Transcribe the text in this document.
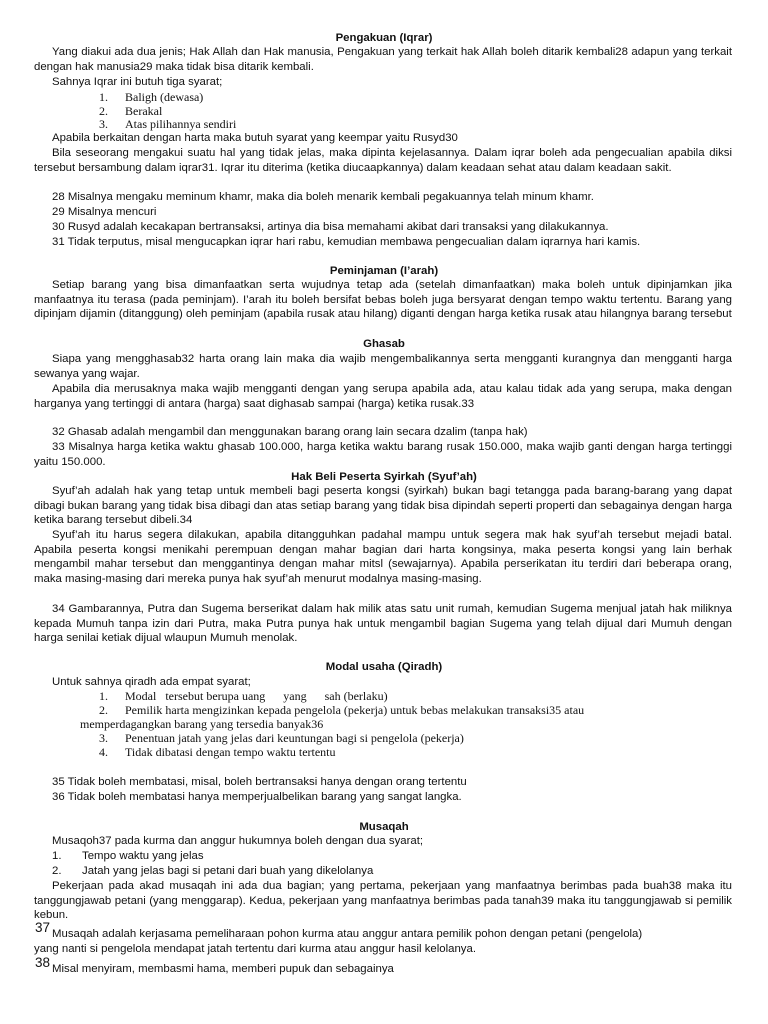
Pengakuan (Iqrar)
Yang diakui ada dua jenis; Hak Allah dan Hak manusia, Pengakuan yang terkait hak Allah boleh ditarik kembali28 adapun yang terkait dengan hak manusia29 maka tidak bisa ditarik kembali.
Sahnya Iqrar ini butuh tiga syarat;
1. Baligh (dewasa)
2. Berakal
3. Atas pilihannya sendiri
Apabila berkaitan dengan harta maka butuh syarat yang keempar yaitu Rusyd30
Bila seseorang mengakui suatu hal yang tidak jelas, maka dipinta kejelasannya. Dalam iqrar boleh ada pengecualian apabila diksi tersebut bersambung dalam iqrar31. Iqrar itu diterima (ketika diucaapkannya) dalam keadaan sehat atau dalam keadaan sakit.
28 Misalnya mengaku meminum khamr, maka dia boleh menarik kembali pegakuannya telah minum khamr.
29 Misalnya mencuri
30 Rusyd adalah kecakapan bertransaksi, artinya dia bisa memahami akibat dari transaksi yang dilakukannya.
31 Tidak terputus, misal mengucapkan iqrar hari rabu, kemudian membawa pengecualian dalam iqrarnya hari kamis.
Peminjaman (I’arah)
Setiap barang yang bisa dimanfaatkan serta wujudnya tetap ada (setelah dimanfaatkan) maka boleh untuk dipinjamkan jika manfaatnya itu terasa (pada peminjam). I’arah itu boleh bersifat bebas boleh juga bersyarat dengan tempo waktu tertentu. Barang yang dipinjam dijamin (ditanggung) oleh peminjam (apabila rusak atau hilang) diganti dengan harga ketika rusak atau hilangnya barang tersebut
Ghasab
Siapa yang mengghasab32 harta orang lain maka dia wajib mengembalikannya serta mengganti kurangnya dan mengganti harga sewanya yang wajar.
Apabila dia merusaknya maka wajib mengganti dengan yang serupa apabila ada, atau kalau tidak ada yang serupa, maka dengan harganya yang tertinggi di antara (harga) saat dighasab sampai (harga) ketika rusak.33
32 Ghasab adalah mengambil dan menggunakan barang orang lain secara dzalim (tanpa hak)
33 Misalnya harga ketika waktu ghasab 100.000, harga ketika waktu barang rusak 150.000, maka wajib ganti dengan harga tertinggi yaitu 150.000.
Hak Beli Peserta Syirkah (Syuf’ah)
Syuf’ah adalah hak yang tetap untuk membeli bagi peserta kongsi (syirkah) bukan bagi tetangga pada barang-barang yang dapat dibagi bukan barang yang tidak bisa dibagi dan atas setiap barang yang tidak bisa dipindah seperti properti dan sebagainya dengan harga ketika barang tersebut dibeli.34
Syuf’ah itu harus segera dilakukan, apabila ditangguhkan padahal mampu untuk segera mak hak syuf’ah tersebut mejadi batal. Apabila peserta kongsi menikahi perempuan dengan mahar bagian dari harta kongsinya, maka peserta kongsi yang lain berhak mengambil mahar tersebut dan menggantinya dengan mahar mitsl (sewajarnya). Apabila perserikatan itu terdiri dari beberapa orang, maka masing-masing dari mereka punya hak syuf’ah menurut modalnya masing-masing.
34 Gambarannya, Putra dan Sugema berserikat dalam hak milik atas satu unit rumah, kemudian Sugema menjual jatah hak miliknya kepada Mumuh tanpa izin dari Putra, maka Putra punya hak untuk mengambil bagian Sugema yang telah dijual dari Mumuh dengan harga senilai ketiak dijual wlaupun Mumuh menolak.
Modal usaha (Qiradh)
Untuk sahnya qiradh ada empat syarat;
1. Modal   tersebut berupa uang      yang      sah (berlaku)
2. Pemilik harta mengizinkan kepada pengelola (pekerja) untuk bebas melakukan transaksi35 atau
memperdagangkan barang yang tersedia banyak36
3. Penentuan jatah yang jelas dari keuntungan bagi si pengelola (pekerja)
4. Tidak dibatasi dengan tempo waktu tertentu
35 Tidak boleh membatasi, misal, boleh bertransaksi hanya dengan orang tertentu
36 Tidak boleh membatasi hanya memperjualbelikan barang yang sangat langka.
Musaqah
Musaqoh37 pada kurma dan anggur hukumnya boleh dengan dua syarat;
1. Tempo waktu yang jelas
2. Jatah yang jelas bagi si petani dari buah yang dikelolanya
Pekerjaan pada akad musaqah ini ada dua bagian; yang pertama, pekerjaan yang manfaatnya berimbas pada buah38 maka itu tanggungjawab petani (yang menggarap). Kedua, pekerjaan yang manfaatnya berimbas pada tanah39 maka itu tanggungjawab si pemilik kebun.
37 Musaqah adalah kerjasama pemeliharaan pohon kurma atau anggur antara pemilik pohon dengan petani (pengelola)
yang nanti si pengelola mendapat jatah tertentu dari kurma atau anggur hasil kelolanya.
38 Misal menyiram, membasmi hama, memberi pupuk dan sebagainya
